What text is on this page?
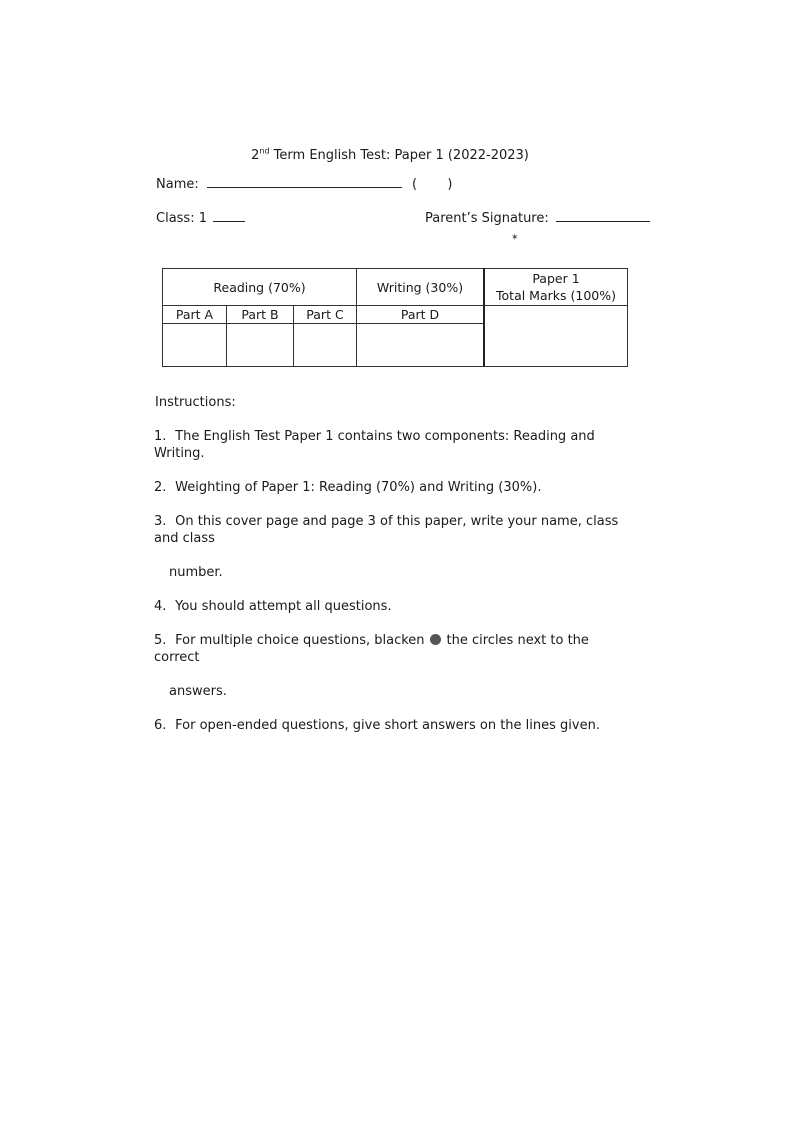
2nd Term English Test: Paper 1 (2022-2023)
Name:	( )
Class: 1	Parent’s Signature:
✶
Reading (70%)			Writing (30%)	Paper 1
Total Marks (100%)
Part A	Part B	Part C	Part D	

Instructions:
1. The English Test Paper 1 contains two components: Reading and Writing.
2. Weighting of Paper 1: Reading (70%) and Writing (30%).
3. On this cover page and page 3 of this paper, write your name, class and class
number.
4. You should attempt all questions.
5. For multiple choice questions, blacken the circles next to the correct
answers.
6. For open-ended questions, give short answers on the lines given.
